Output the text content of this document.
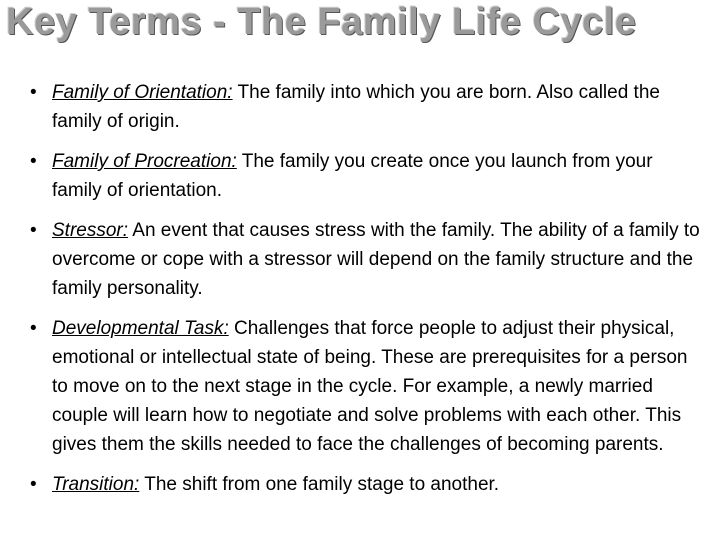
Key Terms - The Family Life Cycle
• Family of Orientation: The family into which you are born. Also called the family of origin.
• Family of Procreation: The family you create once you launch from your family of orientation.
• Stressor: An event that causes stress with the family. The ability of a family to overcome or cope with a stressor will depend on the family structure and the family personality.
• Developmental Task: Challenges that force people to adjust their physical, emotional or intellectual state of being. These are prerequisites for a person to move on to the next stage in the cycle. For example, a newly married couple will learn how to negotiate and solve problems with each other. This gives them the skills needed to face the challenges of becoming parents.
• Transition: The shift from one family stage to another.
